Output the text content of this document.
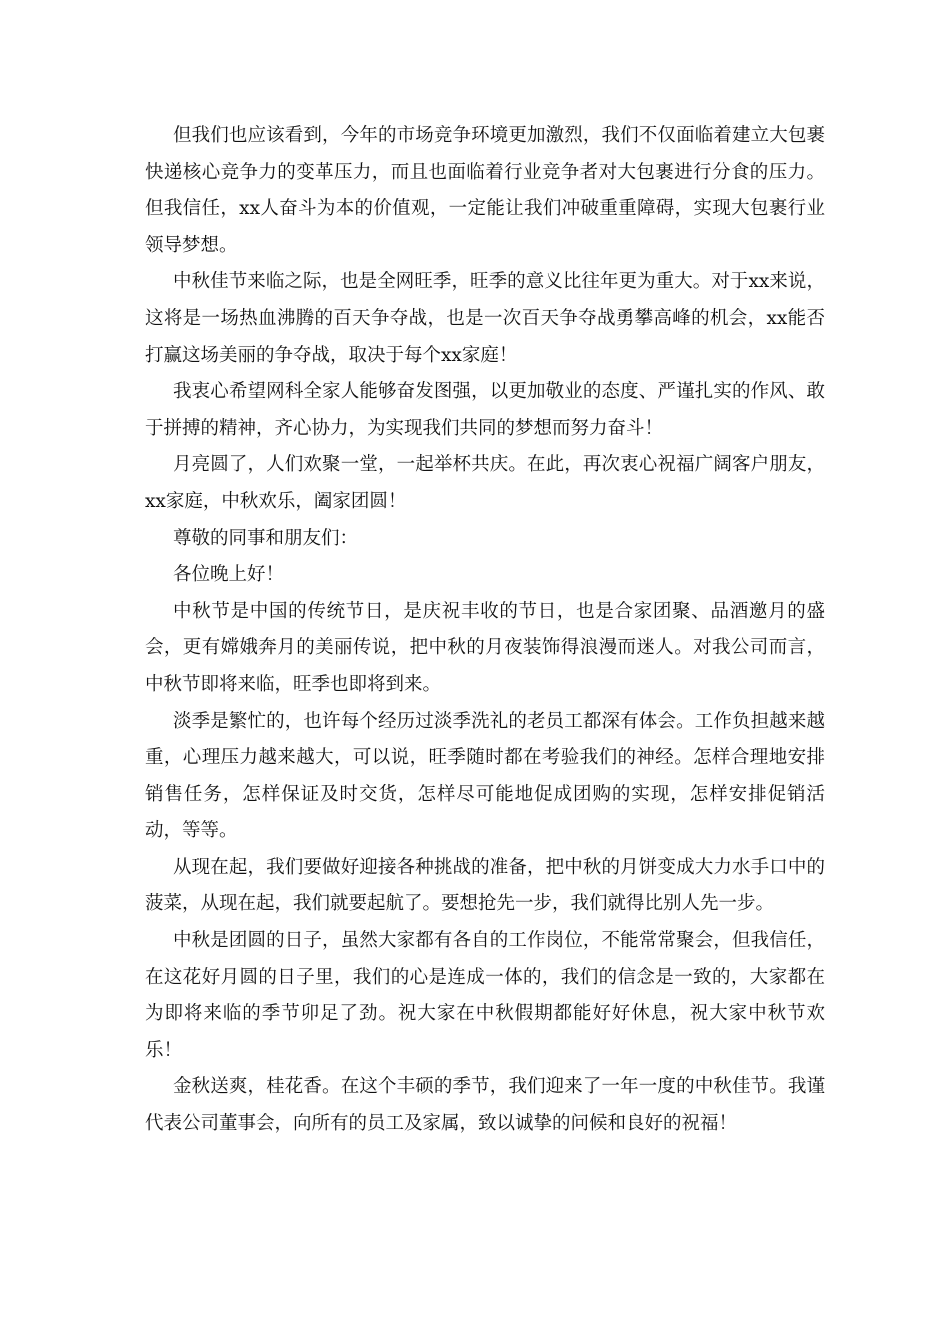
但我们也应该看到，今年的市场竞争环境更加激烈，我们不仅面临着建立大包裹快递核心竞争力的变革压力，而且也面临着行业竞争者对大包裹进行分食的压力。但我信任，xx人奋斗为本的价值观，一定能让我们冲破重重障碍，实现大包裹行业领导梦想。

中秋佳节来临之际，也是全网旺季，旺季的意义比往年更为重大。对于xx来说，这将是一场热血沸腾的百天争夺战，也是一次百天争夺战勇攀高峰的机会，xx能否打赢这场美丽的争夺战，取决于每个xx家庭！

我衷心希望网科全家人能够奋发图强，以更加敬业的态度、严谨扎实的作风、敢于拼搏的精神，齐心协力，为实现我们共同的梦想而努力奋斗！

月亮圆了，人们欢聚一堂，一起举杯共庆。在此，再次衷心祝福广阔客户朋友，xx家庭，中秋欢乐，阖家团圆！

尊敬的同事和朋友们：

各位晚上好！

中秋节是中国的传统节日，是庆祝丰收的节日，也是合家团聚、品酒邀月的盛会，更有嫦娥奔月的美丽传说，把中秋的月夜装饰得浪漫而迷人。对我公司而言，中秋节即将来临，旺季也即将到来。

淡季是繁忙的，也许每个经历过淡季洗礼的老员工都深有体会。工作负担越来越重，心理压力越来越大，可以说，旺季随时都在考验我们的神经。怎样合理地安排销售任务，怎样保证及时交货，怎样尽可能地促成团购的实现，怎样安排促销活动，等等。

从现在起，我们要做好迎接各种挑战的准备，把中秋的月饼变成大力水手口中的菠菜，从现在起，我们就要起航了。要想抢先一步，我们就得比别人先一步。

中秋是团圆的日子，虽然大家都有各自的工作岗位，不能常常聚会，但我信任，在这花好月圆的日子里，我们的心是连成一体的，我们的信念是一致的，大家都在为即将来临的季节卯足了劲。祝大家在中秋假期都能好好休息，祝大家中秋节欢乐！

金秋送爽，桂花香。在这个丰硕的季节，我们迎来了一年一度的中秋佳节。我谨代表公司董事会，向所有的员工及家属，致以诚挚的问候和良好的祝福！
